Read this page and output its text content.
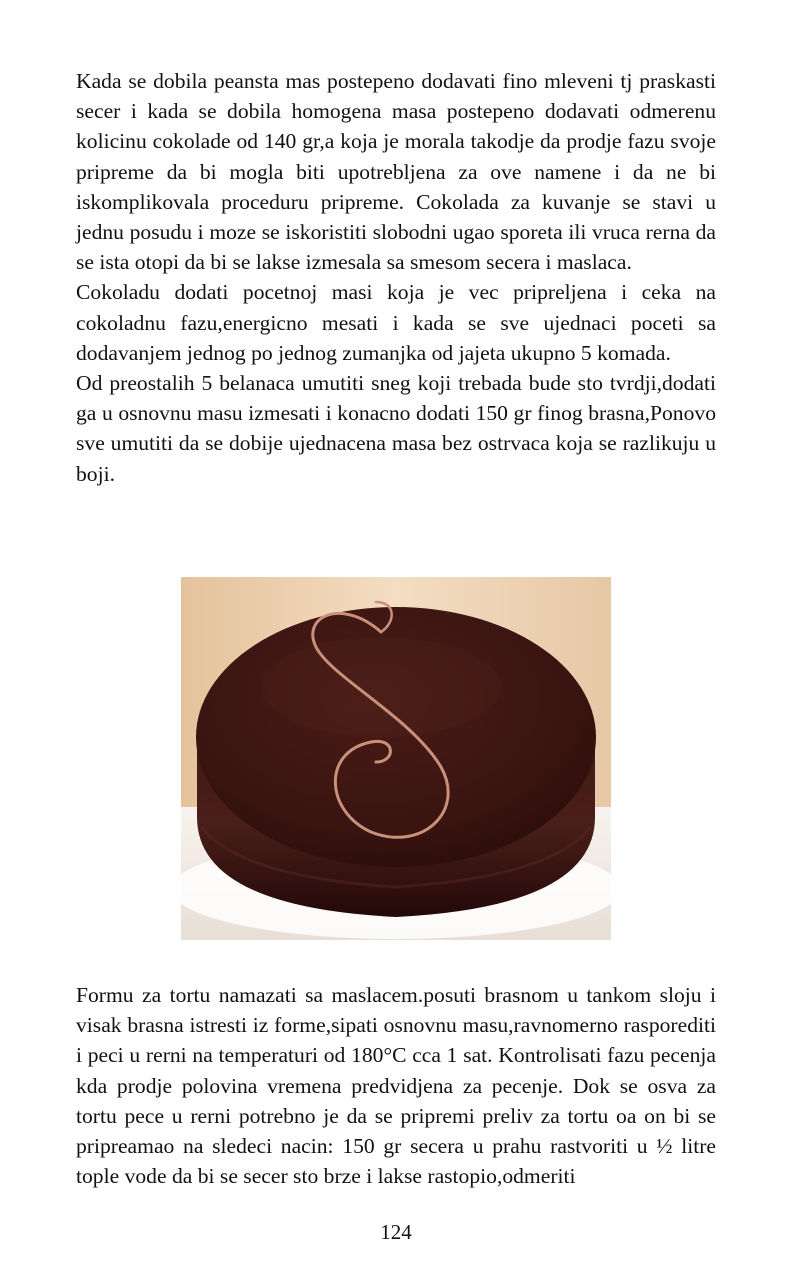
Kada se dobila peansta mas postepeno dodavati fino mleveni tj praskasti secer i kada se dobila homogena masa postepeno dodavati odmerenu kolicinu cokolade od 140 gr,a koja je morala takodje da prodje fazu svoje pripreme da bi mogla biti upotrebljena za ove namene i da ne bi iskomplikovala proceduru pripreme. Cokolada za kuvanje se stavi u jednu posudu i moze se iskoristiti slobodni ugao sporeta ili vruca rerna da se ista otopi da bi se lakse izmesala sa smesom secera i maslaca.

Cokoladu dodati pocetnoj masi koja je vec pripreljena i ceka na cokoladnu fazu,energicno mesati i kada se sve ujednaci poceti sa dodavanjem jednog po jednog zumanjka od jajeta ukupno 5 komada.

Od preostalih 5 belanaca umutiti sneg koji trebada bude sto tvrdji,dodati ga u osnovnu masu izmesati i konacno dodati 150 gr finog brasna,Ponovo sve umutiti da se dobije ujednacena masa bez ostrvaca koja se razlikuju u boji.

Formu za tortu namazati sa maslacem.posuti brasnom u tankom sloju i visak brasna istresti iz forme,sipati osnovnu masu,ravnomerno rasporediti i peci u rerni na temperaturi od 180°C cca 1 sat. Kontrolisati fazu pecenja kda prodje polovina vremena predvidjena za pecenje. Dok se osva za tortu pece u rerni potrebno je da se pripremi preliv za tortu oa on bi se pripreamao na sledeci nacin: 150 gr secera u prahu rastvoriti u ½ litre tople vode da bi se secer sto brze i lakse rastopio,odmeriti

124
